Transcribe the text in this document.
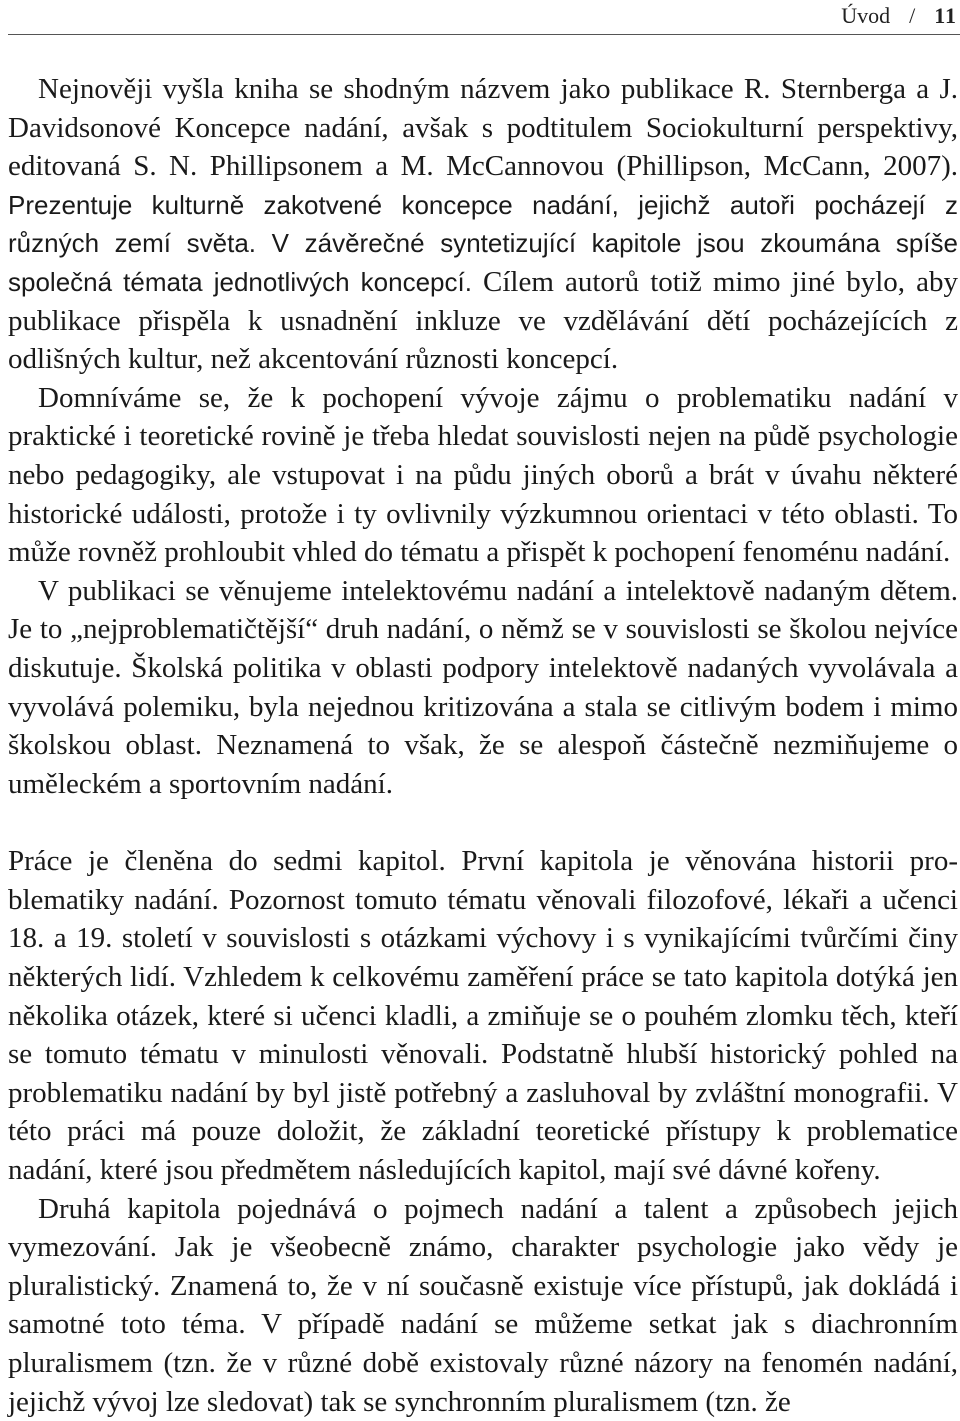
Úvod / 11

Nejnověji vyšla kniha se shodným názvem jako publikace R. Sternberga a J. Davidsonové Koncepce nadání, avšak s podtitulem Sociokulturní perspektivy, editovaná S. N. Phillipsonem a M. McCannovou (Phillipson, McCann, 2007). Prezentuje kulturně zakotvené koncepce nadání, jejichž autoři pocházejí z různých zemí světa. V závěrečné syntetizující kapitole jsou zkoumána spíše společná témata jednotlivých koncepcí. Cílem autorů totiž mimo jiné bylo, aby publikace přispěla k usnadnění inkluze ve vzdělávání dětí pocházejících z odlišných kultur, než akcentování různosti koncepcí.

Domníváme se, že k pochopení vývoje zájmu o problematiku nadání v praktické i teoretické rovině je třeba hledat souvislosti nejen na půdě psychologie nebo pedagogiky, ale vstupovat i na půdu jiných oborů a brát v úvahu některé historické události, protože i ty ovlivnily výzkumnou orientaci v této oblasti. To může rovněž prohloubit vhled do tématu a přispět k pochopení fenoménu nadání.

V publikaci se věnujeme intelektovému nadání a intelektově nadaným dětem. Je to „nejproblematičtější“ druh nadání, o němž se v souvislosti se školou nejvíce diskutuje. Školská politika v oblasti podpory intelektově nadaných vyvolávala a vyvolává polemiku, byla nejednou kritizována a stala se citlivým bodem i mimo školskou oblast. Neznamená to však, že se alespoň částečně nezmiňujeme o uměleckém a sportovním nadání.

Práce je členěna do sedmi kapitol. První kapitola je věnována historii problematiky nadání. Pozornost tomuto tématu věnovali filozofové, lékaři a učenci 18. a 19. století v souvislosti s otázkami výchovy i s vynikajícími tvůrčími činy některých lidí. Vzhledem k celkovému zaměření práce se tato kapitola dotýká jen několika otázek, které si učenci kladli, a zmiňuje se o pouhém zlomku těch, kteří se tomuto tématu v minulosti věnovali. Podstatně hlubší historický pohled na problematiku nadání by byl jistě potřebný a zasluhoval by zvláštní monografii. V této práci má pouze doložit, že základní teoretické přístupy k problematice nadání, které jsou předmětem následujících kapitol, mají své dávné kořeny.

Druhá kapitola pojednává o pojmech nadání a talent a způsobech jejich vymezování. Jak je všeobecně známo, charakter psychologie jako vědy je pluralistický. Znamená to, že v ní současně existuje více přístupů, jak dokládá i samotné toto téma. V případě nadání se můžeme setkat jak s diachronním pluralismem (tzn. že v různé době existovaly různé názory na fenomén nadání, jejichž vývoj lze sledovat) tak se synchronním pluralismem (tzn. že
